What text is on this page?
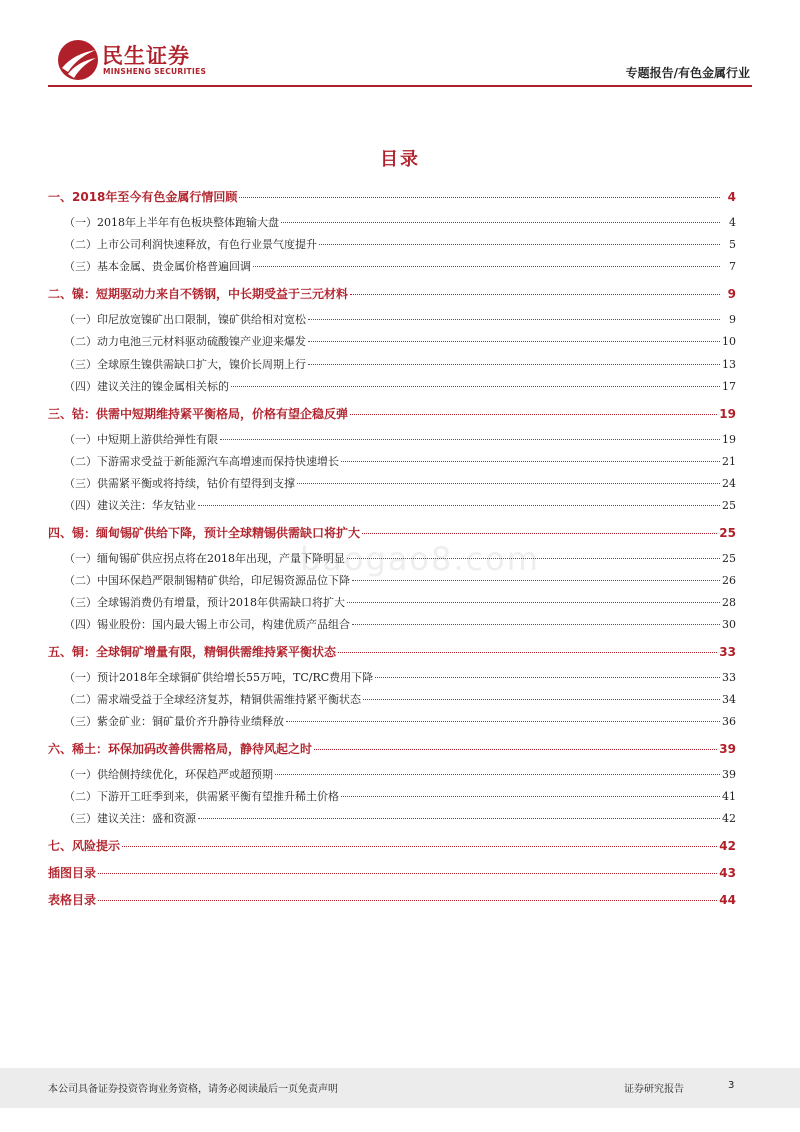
民生证券
MINSHENG SECURITIES	专题报告/有色金属行业
baogao8.com
目录
一、2018年至今有色金属行情回顾	4
（一）2018年上半年有色板块整体跑输大盘	4
（二）上市公司利润快速释放，有色行业景气度提升	5
（三）基本金属、贵金属价格普遍回调	7
二、镍：短期驱动力来自不锈钢，中长期受益于三元材料	9
（一）印尼放宽镍矿出口限制，镍矿供给相对宽松	9
（二）动力电池三元材料驱动硫酸镍产业迎来爆发	10
（三）全球原生镍供需缺口扩大，镍价长周期上行	13
（四）建议关注的镍金属相关标的	17
三、钴：供需中短期维持紧平衡格局，价格有望企稳反弹	19
（一）中短期上游供给弹性有限	19
（二）下游需求受益于新能源汽车高增速而保持快速增长	21
（三）供需紧平衡或将持续，钴价有望得到支撑	24
（四）建议关注：华友钴业	25
四、锡：缅甸锡矿供给下降，预计全球精锡供需缺口将扩大	25
（一）缅甸锡矿供应拐点将在2018年出现，产量下降明显	25
（二）中国环保趋严限制锡精矿供给，印尼锡资源品位下降	26
（三）全球锡消费仍有增量，预计2018年供需缺口将扩大	28
（四）锡业股份：国内最大锡上市公司，构建优质产品组合	30
五、铜：全球铜矿增量有限，精铜供需维持紧平衡状态	33
（一）预计2018年全球铜矿供给增长55万吨，TC/RC费用下降	33
（二）需求端受益于全球经济复苏，精铜供需维持紧平衡状态	34
（三）紫金矿业：铜矿量价齐升静待业绩释放	36
六、稀土：环保加码改善供需格局，静待风起之时	39
（一）供给侧持续优化，环保趋严或超预期	39
（二）下游开工旺季到来，供需紧平衡有望推升稀土价格	41
（三）建议关注：盛和资源	42
七、风险提示	42
插图目录	43
表格目录	44
本公司具备证券投资咨询业务资格，请务必阅读最后一页免责声明	证券研究报告	3
